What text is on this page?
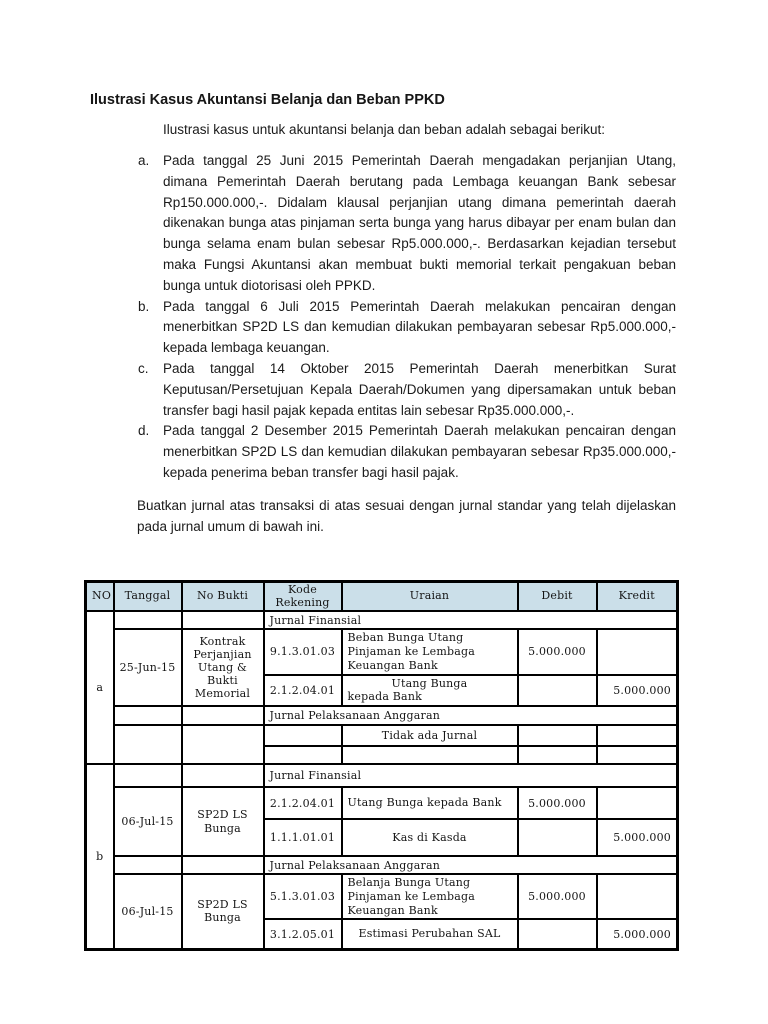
Ilustrasi Kasus Akuntansi Belanja dan Beban PPKD
Ilustrasi kasus untuk akuntansi belanja dan beban adalah sebagai berikut:
a. Pada tanggal 25 Juni 2015 Pemerintah Daerah mengadakan perjanjian Utang, dimana Pemerintah Daerah berutang pada Lembaga keuangan Bank sebesar Rp150.000.000,-. Didalam klausal perjanjian utang dimana pemerintah daerah dikenakan bunga atas pinjaman serta bunga yang harus dibayar per enam bulan dan bunga selama enam bulan sebesar Rp5.000.000,-. Berdasarkan kejadian tersebut maka Fungsi Akuntansi akan membuat bukti memorial terkait pengakuan beban bunga untuk diotorisasi oleh PPKD.
b. Pada tanggal 6 Juli 2015 Pemerintah Daerah melakukan pencairan dengan menerbitkan SP2D LS dan kemudian dilakukan pembayaran sebesar Rp5.000.000,- kepada lembaga keuangan.
c. Pada tanggal 14 Oktober 2015 Pemerintah Daerah menerbitkan Surat Keputusan/Persetujuan Kepala Daerah/Dokumen yang dipersamakan untuk beban transfer bagi hasil pajak kepada entitas lain sebesar Rp35.000.000,-.
d. Pada tanggal 2 Desember 2015 Pemerintah Daerah melakukan pencairan dengan menerbitkan SP2D LS dan kemudian dilakukan pembayaran sebesar Rp35.000.000,- kepada penerima beban transfer bagi hasil pajak.
Buatkan jurnal atas transaksi di atas sesuai dengan jurnal standar yang telah dijelaskan pada jurnal umum di bawah ini.
NO	Tanggal	No Bukti	Kode Rekening	Uraian	Debit	Kredit
a			Jurnal Finansial			
	25-Jun-15	Kontrak Perjanjian Utang & Bukti Memorial	9.1.3.01.03	Beban Bunga Utang Pinjaman ke Lembaga Keuangan Bank	5.000.000	
			2.1.2.04.01	Utang Bunga kepada Bank		5.000.000
			Jurnal Pelaksanaan Anggaran			
				Tidak ada Jurnal		

b			Jurnal Finansial			
	06-Jul-15	SP2D LS Bunga	2.1.2.04.01	Utang Bunga kepada Bank	5.000.000	
			1.1.1.01.01	Kas di Kasda		5.000.000
			Jurnal Pelaksanaan Anggaran			
	06-Jul-15	SP2D LS Bunga	5.1.3.01.03	Belanja Bunga Utang Pinjaman ke Lembaga Keuangan Bank	5.000.000	
			3.1.2.05.01	Estimasi Perubahan SAL		5.000.000
